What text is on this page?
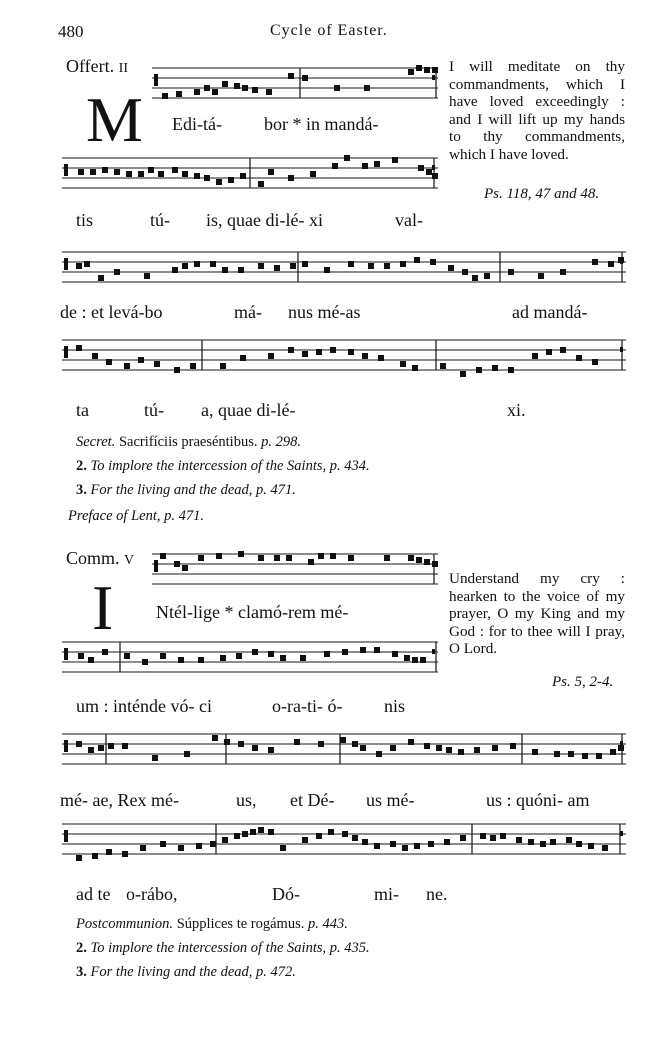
480	Cycle of Easter.
Offert. II
M Edi-tá- bor * in mandá-
I will meditate on thy commandments, which I have loved exceedingly : and I will lift up my hands to thy commandments, which I have loved.
Ps. 118, 47 and 48.
tis	tú- is, quae di-lé- xi	val-
de : et levá-bo	má- nus mé-as	ad mandá-
ta	tú- a, quae di-lé-	xi.
Secret. Sacrifíciis praeséntibus. p. 298.
2. To implore the intercession of the Saints, p. 434.
3. For the living and the dead, p. 471.
Preface of Lent, p. 471.
Comm. V
I Ntél-lige * clamó-rem mé-
Understand my cry : hearken to the voice of my prayer, O my King and my God : for to thee will I pray, O Lord.
Ps. 5, 2-4.
um : inténde vó- ci	o-ra-ti- ó- nis
mé- ae, Rex mé-	us, et Dé- us mé-	us : quóni- am
ad te o-rábo,	Dó-	mi- ne.
Postcommunion. Súpplices te rogámus. p. 443.
2. To implore the intercession of the Saints, p. 435.
3. For the living and the dead, p. 472.
